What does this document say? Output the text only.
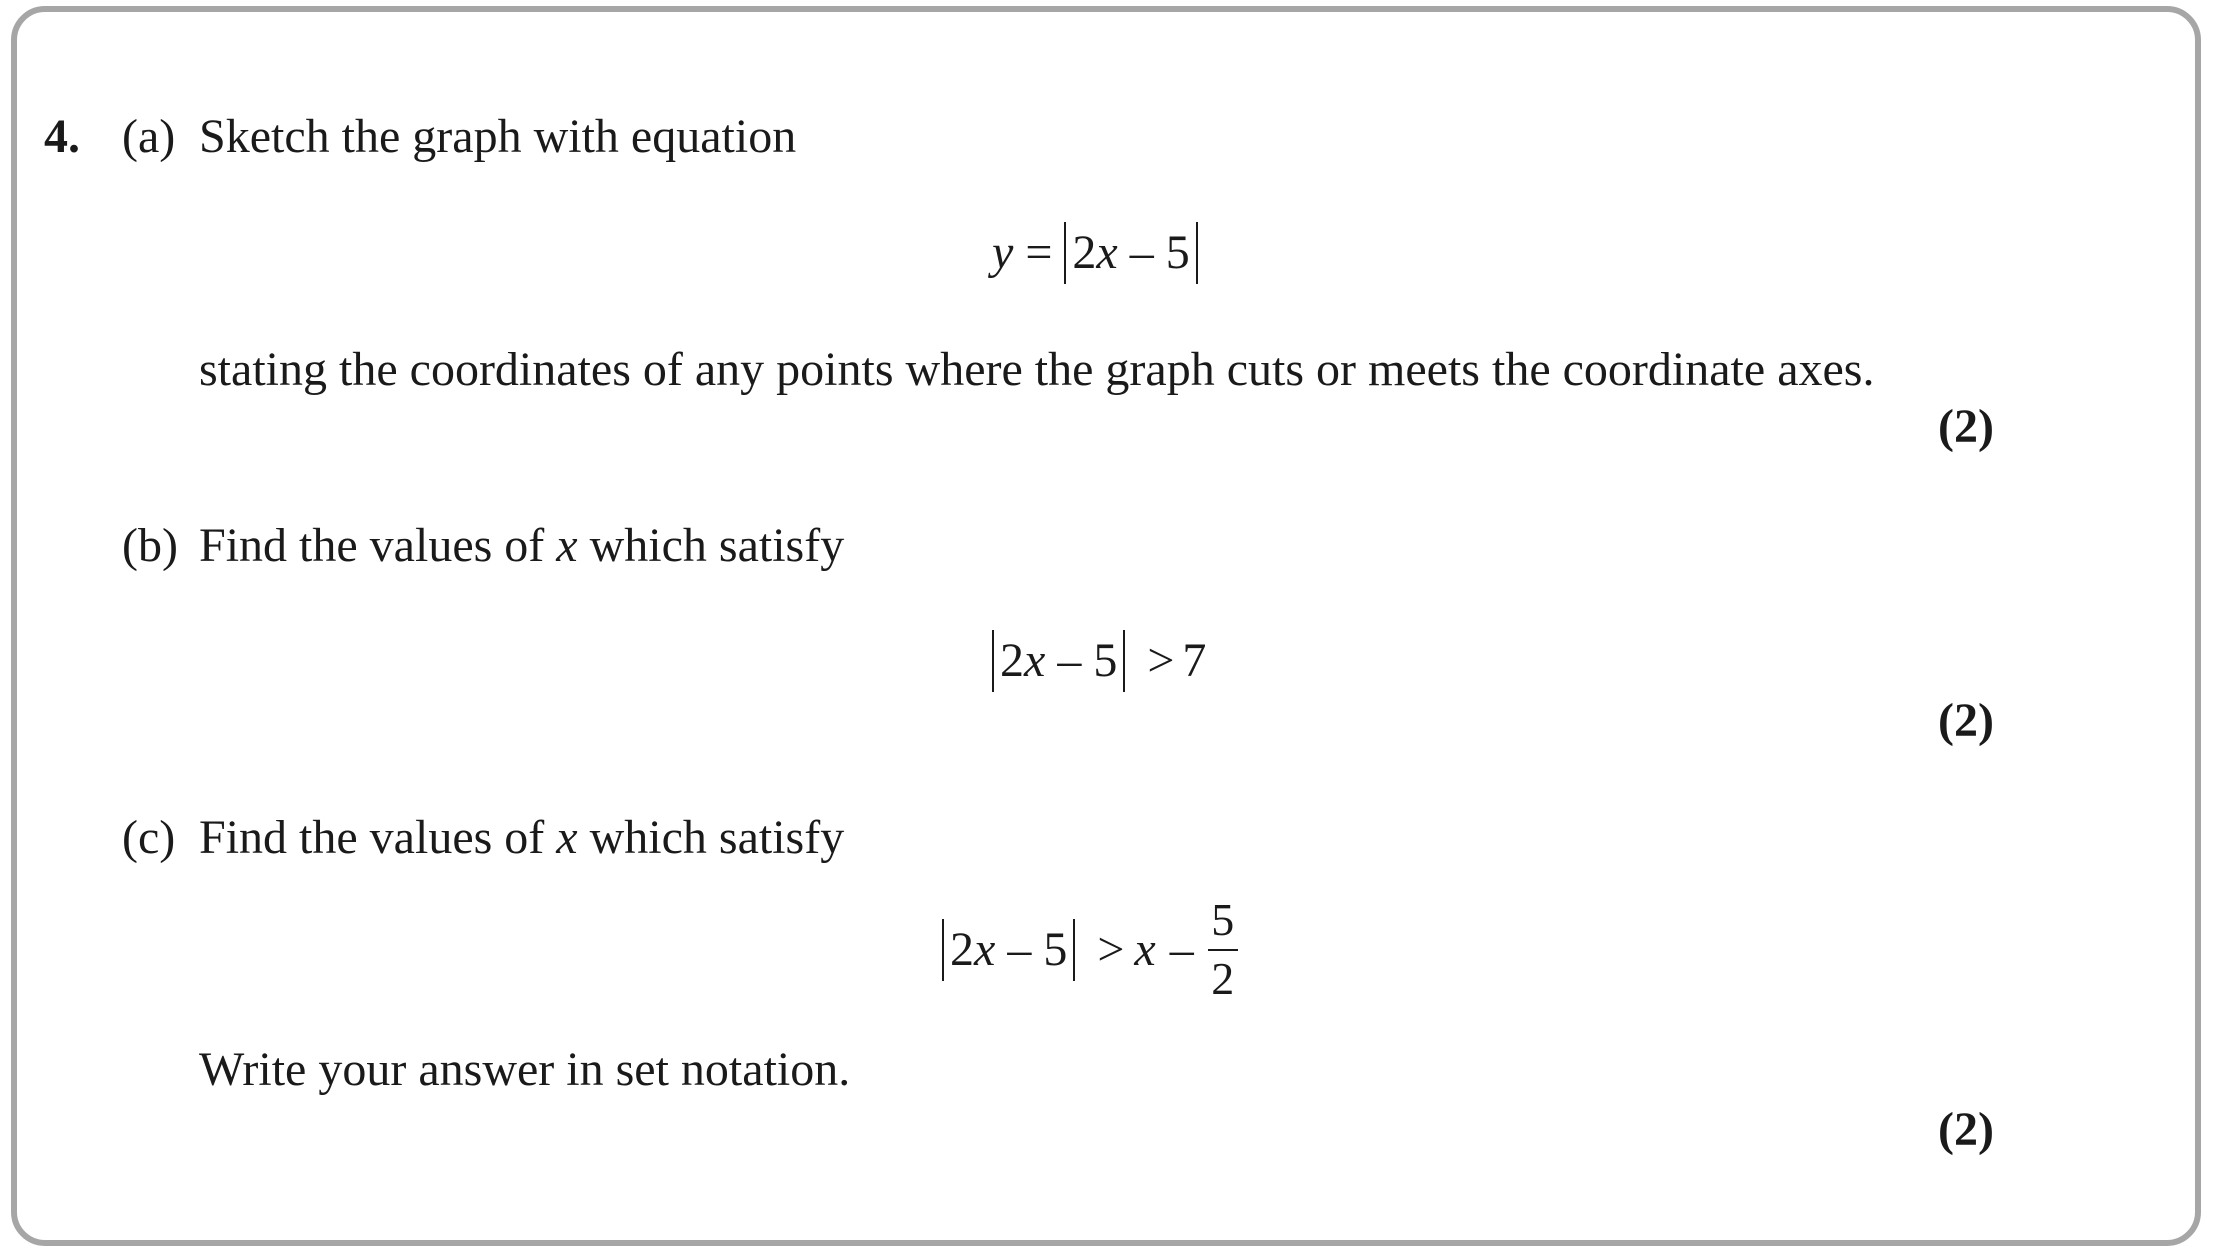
4. (a) Sketch the graph with equation
y = 2x – 5
stating the coordinates of any points where the graph cuts or meets the coordinate axes.
(2)
(b) Find the values of x which satisfy
2x – 5 > 7
(2)
(c) Find the values of x which satisfy
$2x - 5 > x - \frac{5}{2}$
Write your answer in set notation.
(2)
